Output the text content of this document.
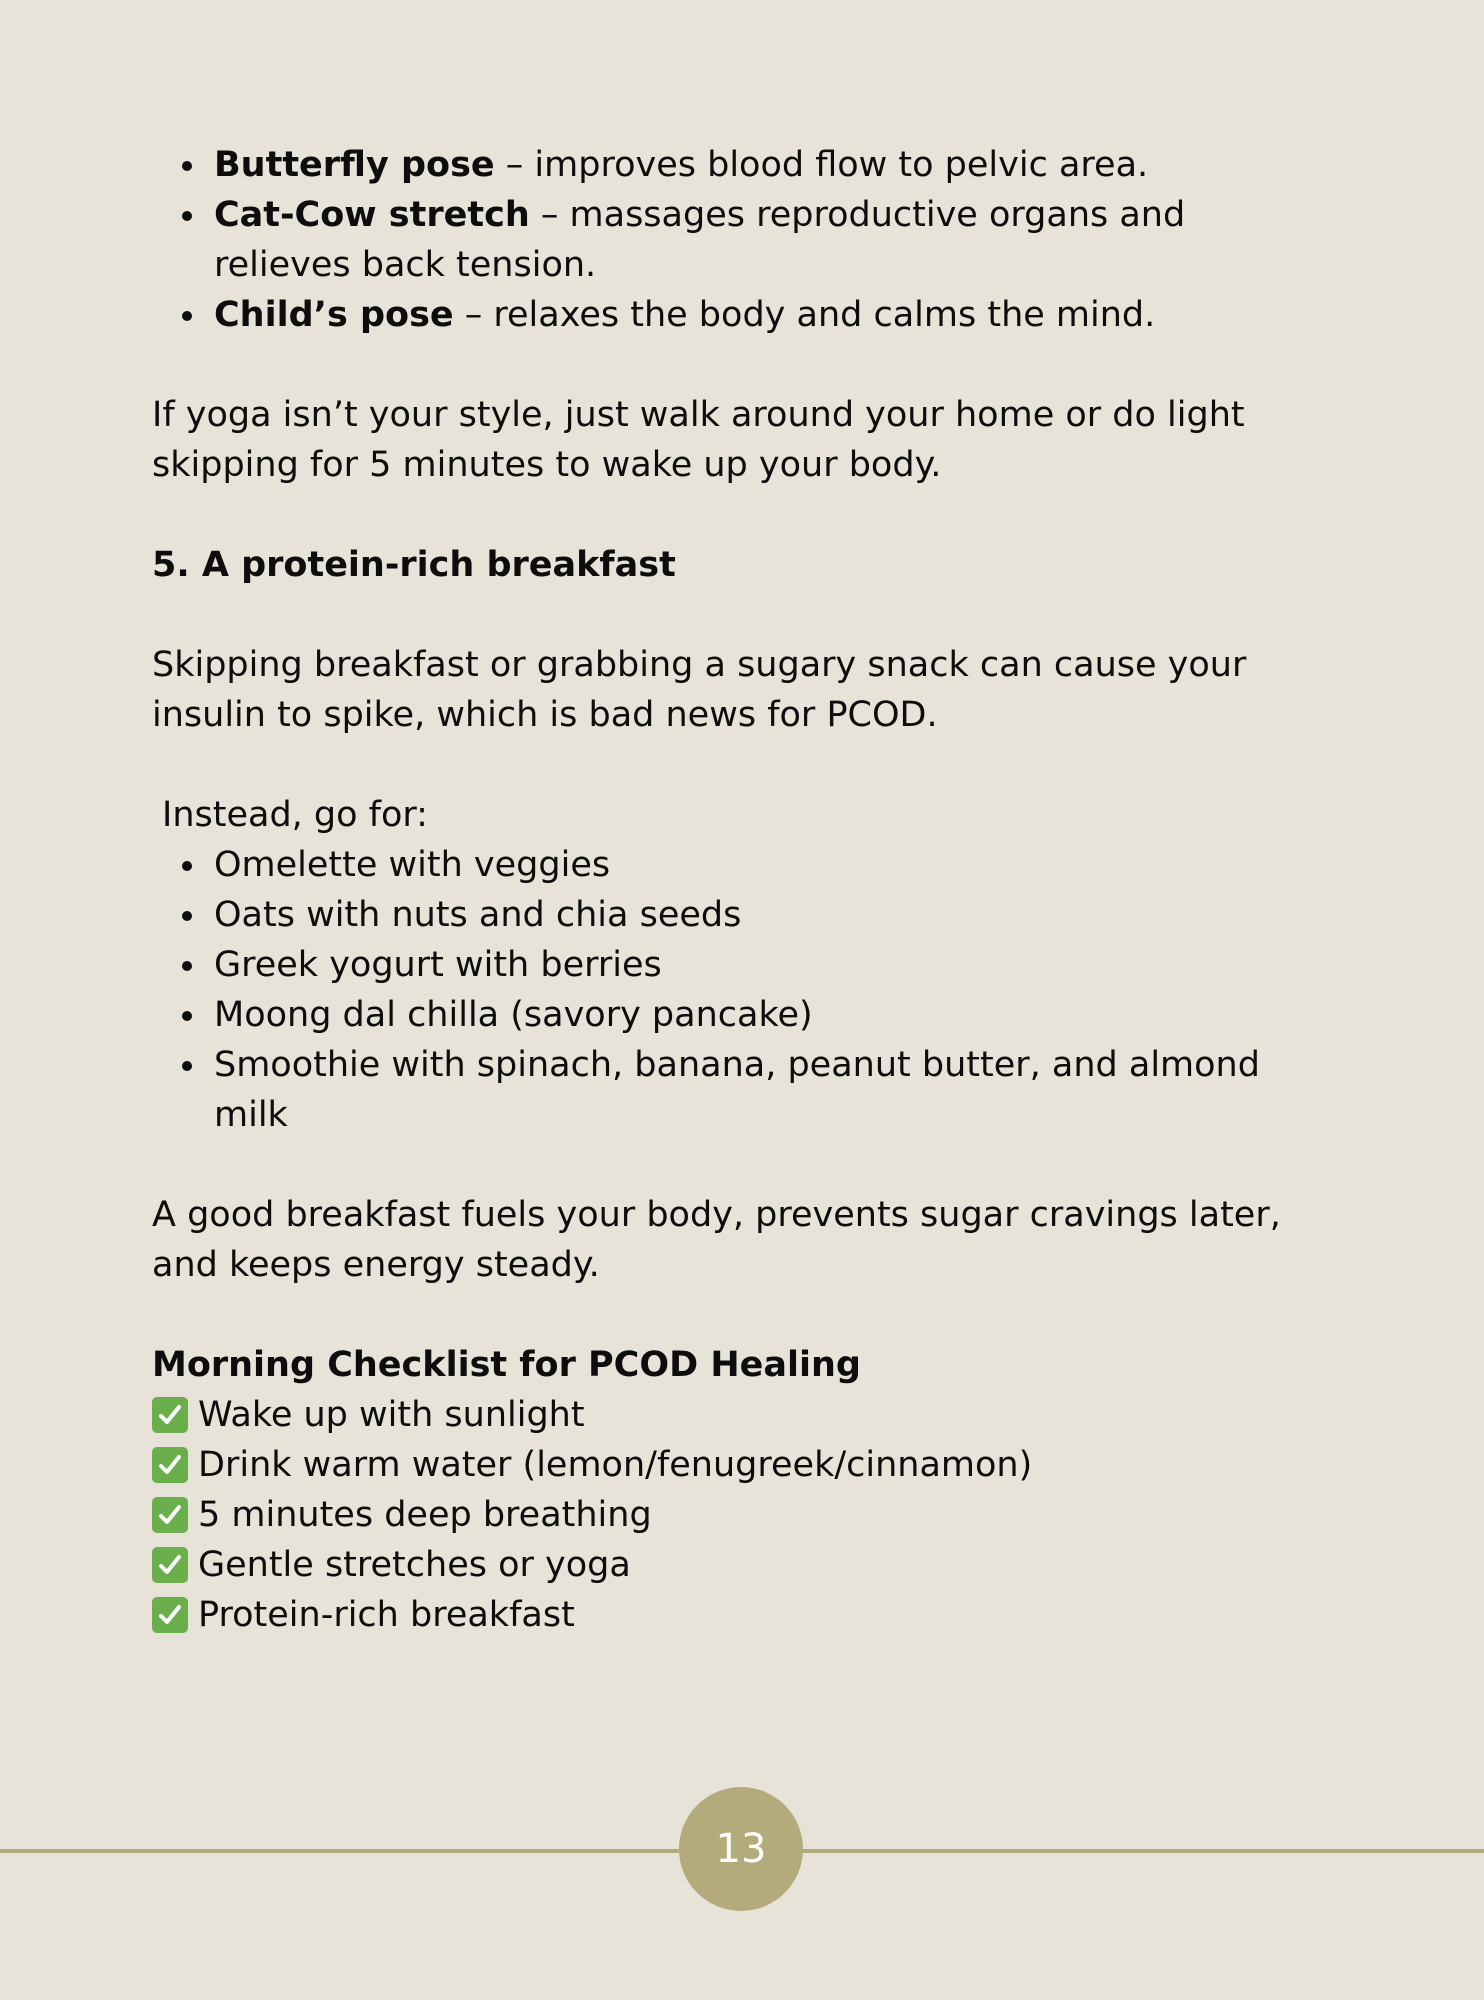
Butterfly pose – improves blood flow to pelvic area.
Cat-Cow stretch – massages reproductive organs and relieves back tension.
Child’s pose – relaxes the body and calms the mind.

If yoga isn’t your style, just walk around your home or do light skipping for 5 minutes to wake up your body.

5. A protein-rich breakfast

Skipping breakfast or grabbing a sugary snack can cause your insulin to spike, which is bad news for PCOD.

Instead, go for:

Omelette with veggies
Oats with nuts and chia seeds
Greek yogurt with berries
Moong dal chilla (savory pancake)
Smoothie with spinach, banana, peanut butter, and almond milk

A good breakfast fuels your body, prevents sugar cravings later, and keeps energy steady.

Morning Checklist for PCOD Healing
Wake up with sunlight
Drink warm water (lemon/fenugreek/cinnamon)
5 minutes deep breathing
Gentle stretches or yoga
Protein-rich breakfast
13
